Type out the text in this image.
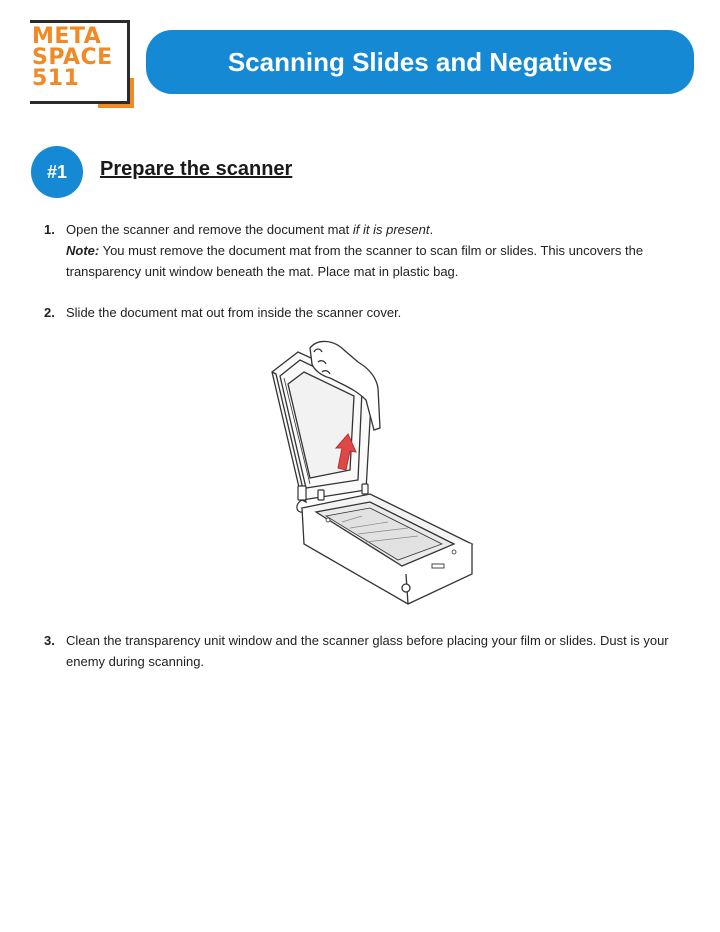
META
SPACE
511
Scanning Slides and Negatives
#1	Prepare the scanner
1. Open the scanner and remove the document mat if it is present.
Note: You must remove the document mat from the scanner to scan film or slides. This uncovers the transparency unit window beneath the mat. Place mat in plastic bag.
2. Slide the document mat out from inside the scanner cover.
3. Clean the transparency unit window and the scanner glass before placing your film or slides. Dust is your enemy during scanning.
